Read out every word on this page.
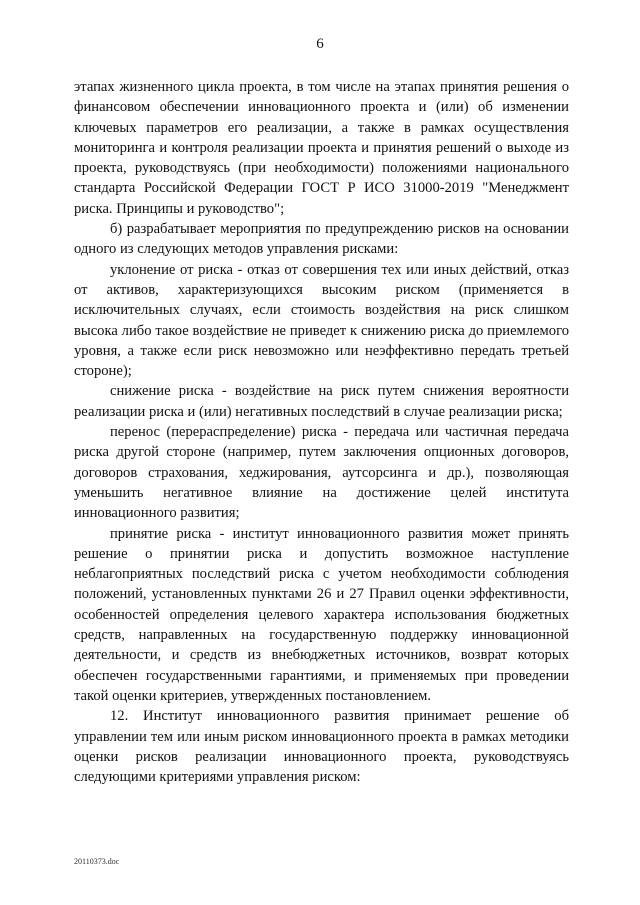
6

этапах жизненного цикла проекта, в том числе на этапах принятия решения о финансовом обеспечении инновационного проекта и (или) об изменении ключевых параметров его реализации, а также в рамках осуществления мониторинга и контроля реализации проекта и принятия решений о выходе из проекта, руководствуясь (при необходимости) положениями национального стандарта Российской Федерации ГОСТ Р ИСО 31000-2019 "Менеджмент риска. Принципы и руководство";

б) разрабатывает мероприятия по предупреждению рисков на основании одного из следующих методов управления рисками:

уклонение от риска - отказ от совершения тех или иных действий, отказ от активов, характеризующихся высоким риском (применяется в исключительных случаях, если стоимость воздействия на риск слишком высока либо такое воздействие не приведет к снижению риска до приемлемого уровня, а также если риск невозможно или неэффективно передать третьей стороне);

снижение риска - воздействие на риск путем снижения вероятности реализации риска и (или) негативных последствий в случае реализации риска;

перенос (перераспределение) риска - передача или частичная передача риска другой стороне (например, путем заключения опционных договоров, договоров страхования, хеджирования, аутсорсинга и др.), позволяющая уменьшить негативное влияние на достижение целей института инновационного развития;

принятие риска - институт инновационного развития может принять решение о принятии риска и допустить возможное наступление неблагоприятных последствий риска с учетом необходимости соблюдения положений, установленных пунктами 26 и 27 Правил оценки эффективности, особенностей определения целевого характера использования бюджетных средств, направленных на государственную поддержку инновационной деятельности, и средств из внебюджетных источников, возврат которых обеспечен государственными гарантиями, и применяемых при проведении такой оценки критериев, утвержденных постановлением.

12. Институт инновационного развития принимает решение об управлении тем или иным риском инновационного проекта в рамках методики оценки рисков реализации инновационного проекта, руководствуясь следующими критериями управления риском:

20110373.doc
